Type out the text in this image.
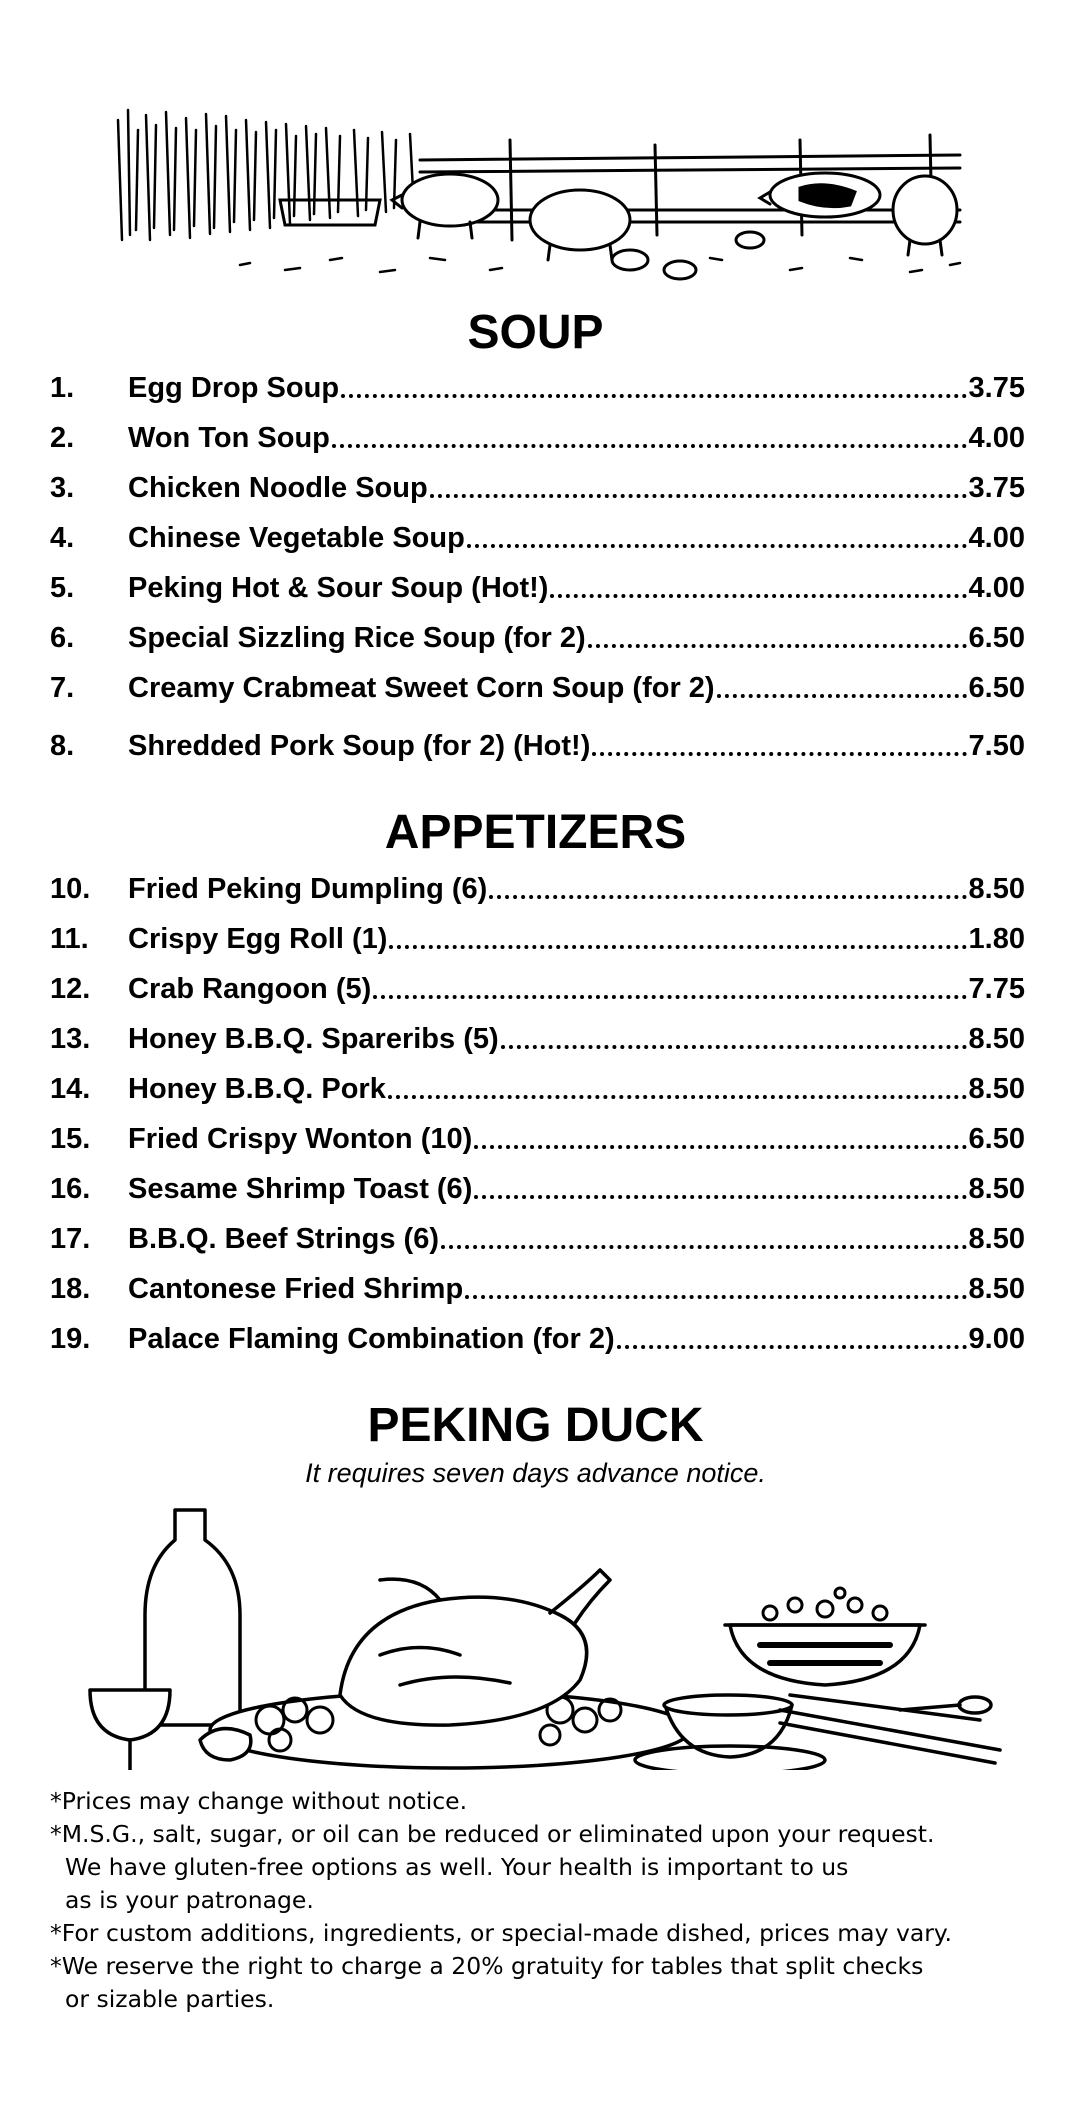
SOUP
1.	Egg Drop Soup	3.75
2.	Won Ton Soup	4.00
3.	Chicken Noodle Soup	3.75
4.	Chinese Vegetable Soup	4.00
5.	Peking Hot & Sour Soup (Hot!)	4.00
6.	Special Sizzling Rice Soup (for 2)	6.50
7.	Creamy Crabmeat Sweet Corn Soup (for 2)	6.50
8.	Shredded Pork Soup (for 2) (Hot!)	7.50
APPETIZERS
10.	Fried Peking Dumpling (6)	8.50
11.	Crispy Egg Roll (1)	1.80
12.	Crab Rangoon (5)	7.75
13.	Honey B.B.Q. Spareribs (5)	8.50
14.	Honey B.B.Q. Pork	8.50
15.	Fried Crispy Wonton (10)	6.50
16.	Sesame Shrimp Toast (6)	8.50
17.	B.B.Q. Beef Strings (6)	8.50
18.	Cantonese Fried Shrimp	8.50
19.	Palace Flaming Combination (for 2)	9.00
PEKING DUCK
It requires seven days advance notice.
*Prices may change without notice.
*M.S.G., salt, sugar, or oil can be reduced or eliminated upon your request.
We have gluten-free options as well. Your health is important to us
as is your patronage.
*For custom additions, ingredients, or special-made dished, prices may vary.
*We reserve the right to charge a 20% gratuity for tables that split checks
or sizable parties.
